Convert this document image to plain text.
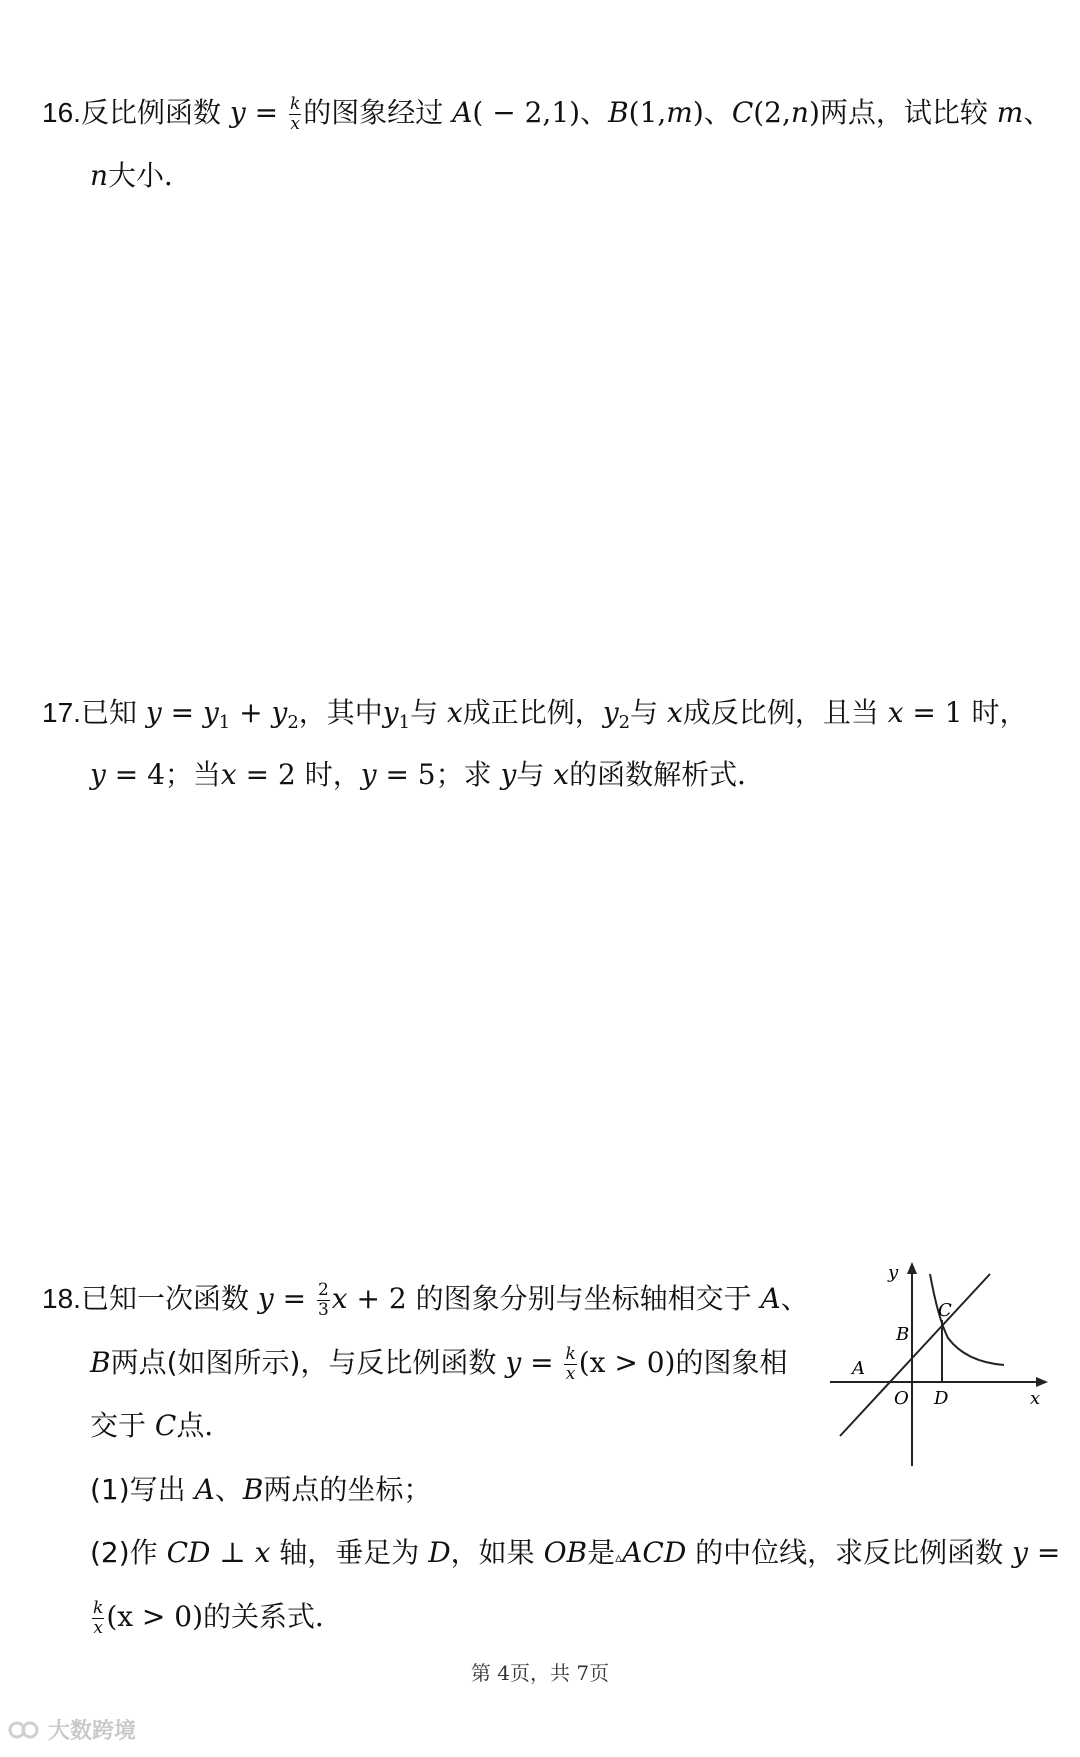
16.反比例函数 $y = \frac{k}{x}$ 的图象经过 A( − 2,1)、B(1,m)、C(2,n)两点，试比较 m、
n大小．
17.已知 $y = y_1 + y_2$，其中$y_1$与 x成正比例，$y_2$与 x成反比例，且当 x = 1 时，
y = 4；当x = 2 时，y = 5；求 y与 x的函数解析式．
18.已知一次函数 $y = \frac{2}{3}$ x + 2 的图象分别与坐标轴相交于 A、
B两点(如图所示)，与反比例函数 $y = \frac{k}{x} (x > 0)$的图象相
交于 C点．
(1)写出 A、B两点的坐标；
(2)作 CD ⊥ x 轴，垂足为 D，如果 OB是▵ACD 的中位线，求反比例函数 y =
$\frac{k}{x} (x > 0)$的关系式．
y
x
C
B
A
O D
第 4页，共 7页
大数跨境
